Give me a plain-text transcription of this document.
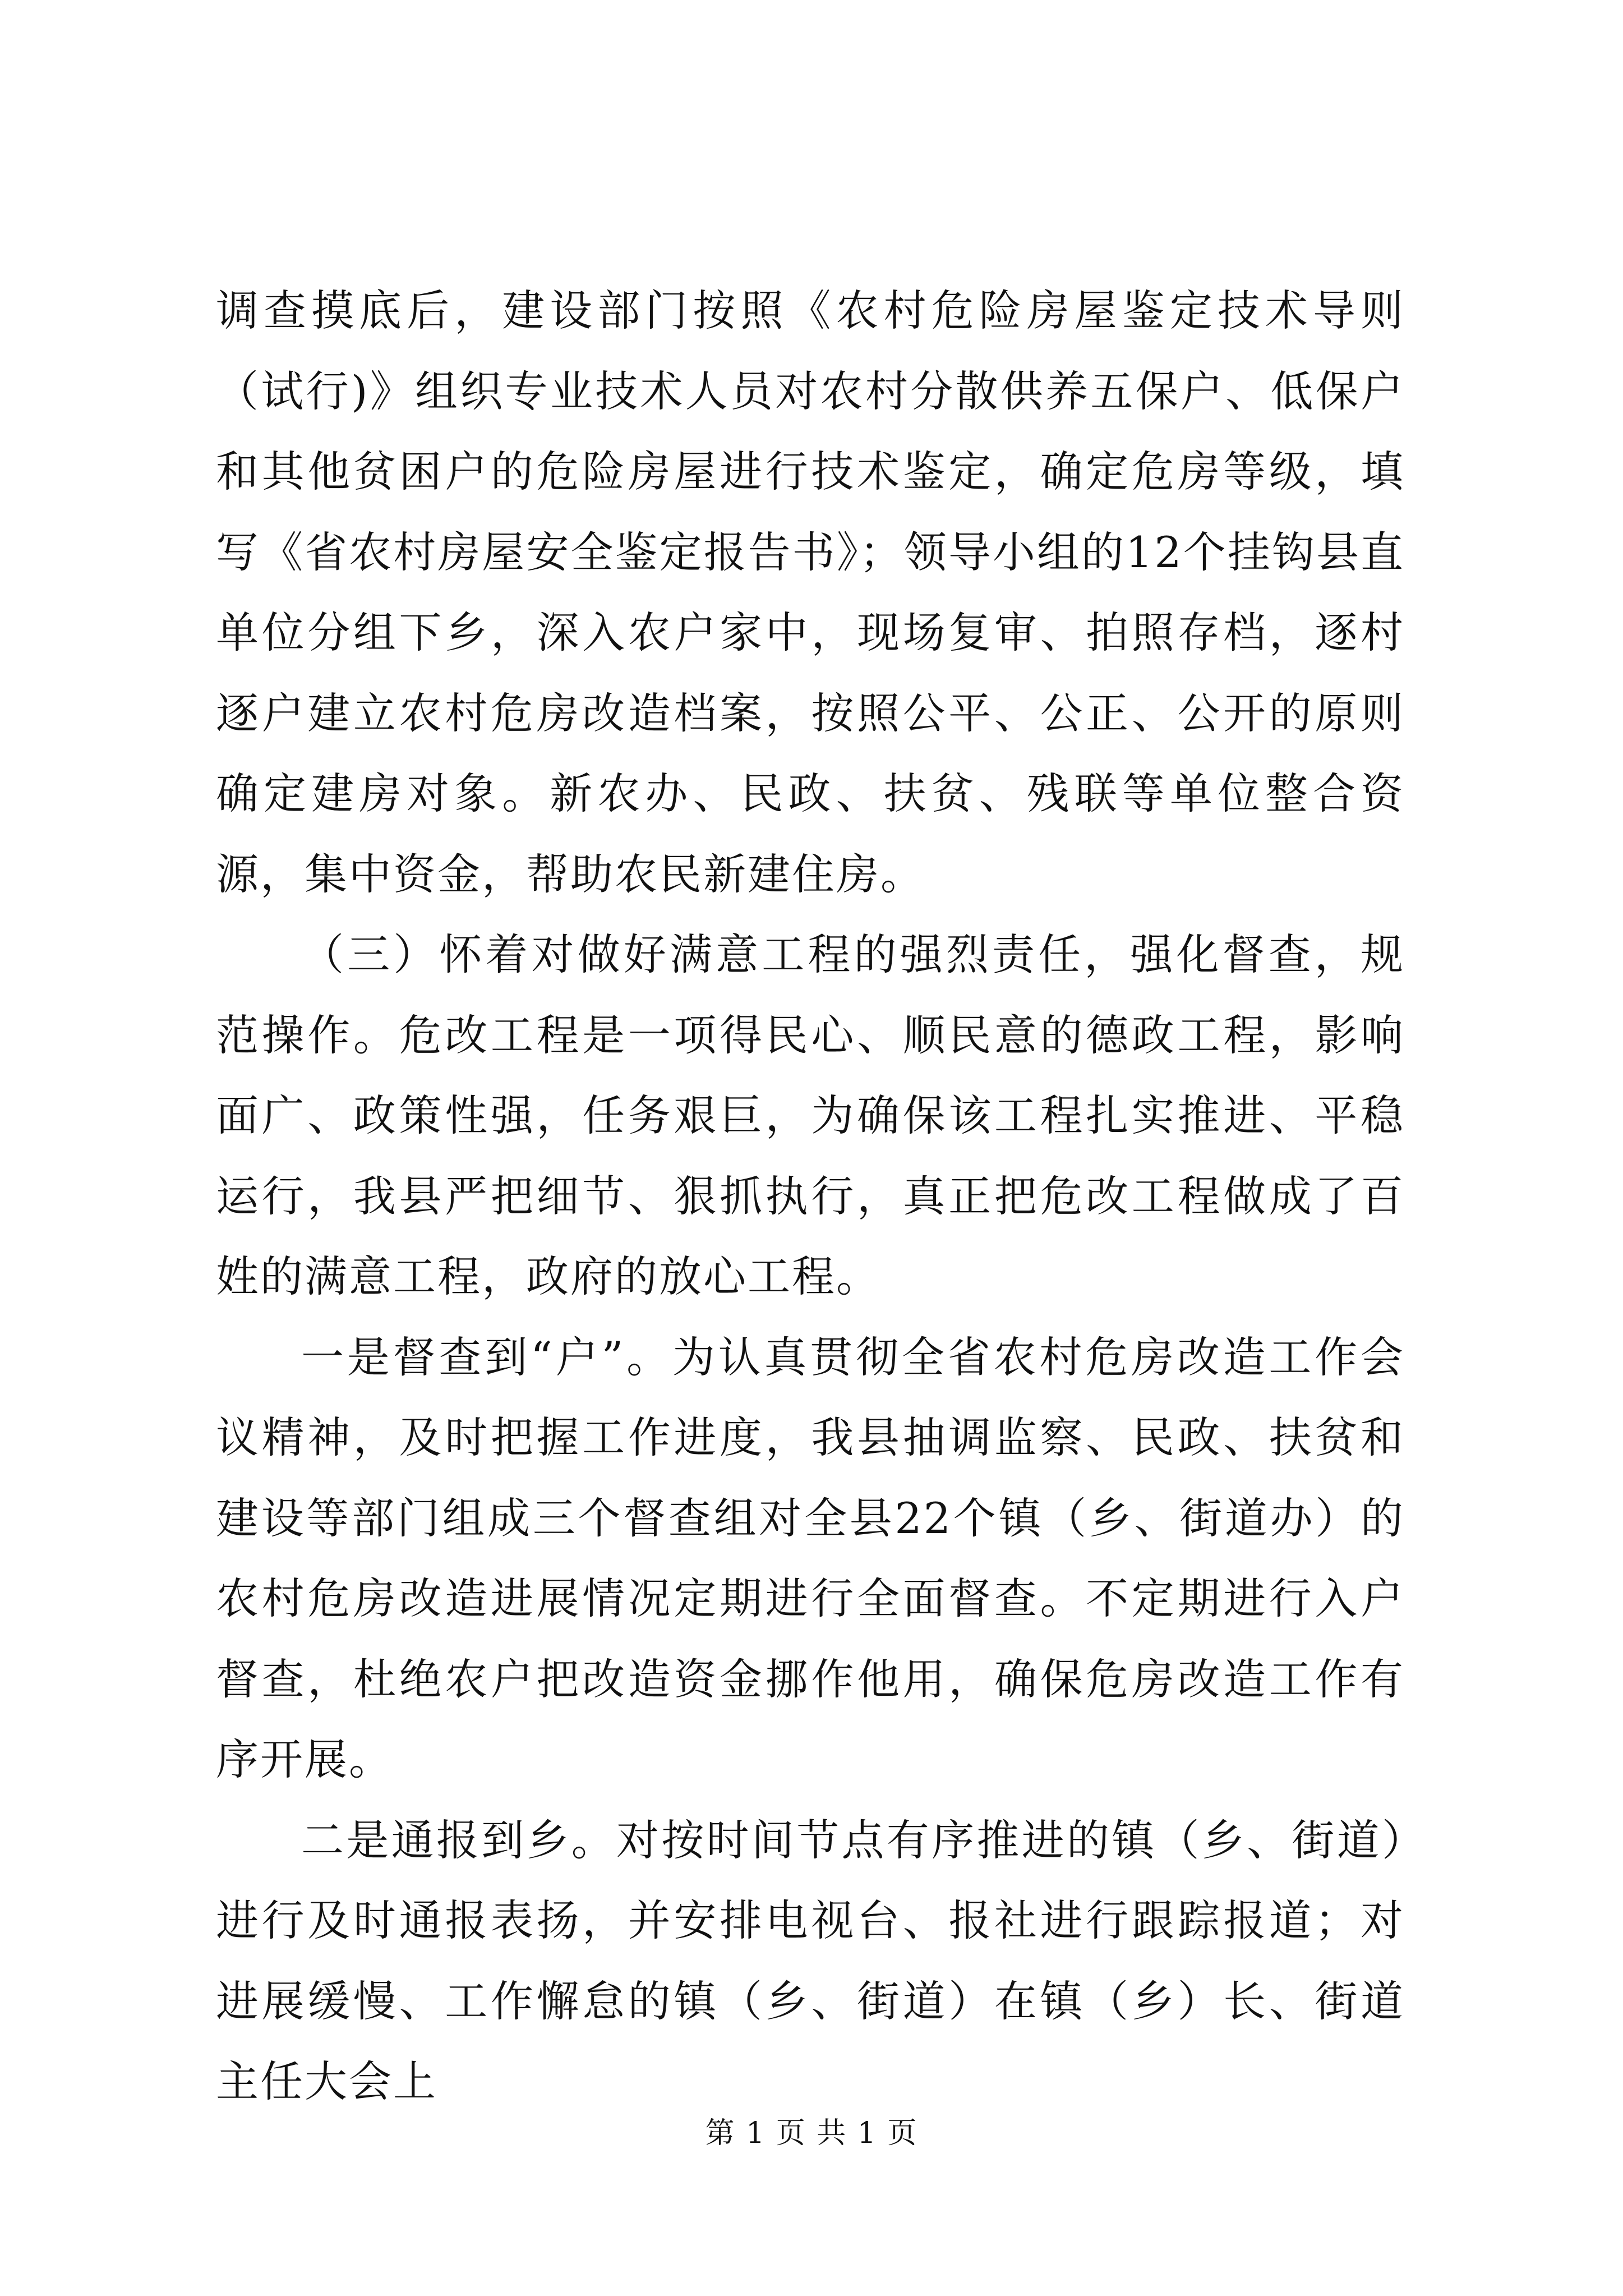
调查摸底后，建设部门按照《农村危险房屋鉴定技术导则（试行)》组织专业技术人员对农村分散供养五保户、低保户和其他贫困户的危险房屋进行技术鉴定，确定危房等级，填写《省农村房屋安全鉴定报告书》；领导小组的12个挂钩县直单位分组下乡，深入农户家中，现场复审、拍照存档，逐村逐户建立农村危房改造档案，按照公平、公正、公开的原则确定建房对象。新农办、民政、扶贫、残联等单位整合资源，集中资金，帮助农民新建住房。

（三）怀着对做好满意工程的强烈责任，强化督查，规范操作。危改工程是一项得民心、顺民意的德政工程，影响面广、政策性强，任务艰巨，为确保该工程扎实推进、平稳运行，我县严把细节、狠抓执行，真正把危改工程做成了百姓的满意工程，政府的放心工程。

一是督查到“户”。为认真贯彻全省农村危房改造工作会议精神，及时把握工作进度，我县抽调监察、民政、扶贫和建设等部门组成三个督查组对全县22个镇（乡、街道办）的农村危房改造进展情况定期进行全面督查。不定期进行入户督查，杜绝农户把改造资金挪作他用，确保危房改造工作有序开展。

二是通报到乡。对按时间节点有序推进的镇（乡、街道）进行及时通报表扬，并安排电视台、报社进行跟踪报道；对进展缓慢、工作懈怠的镇（乡、街道）在镇（乡）长、街道主任大会上

第 1 页 共 1 页
